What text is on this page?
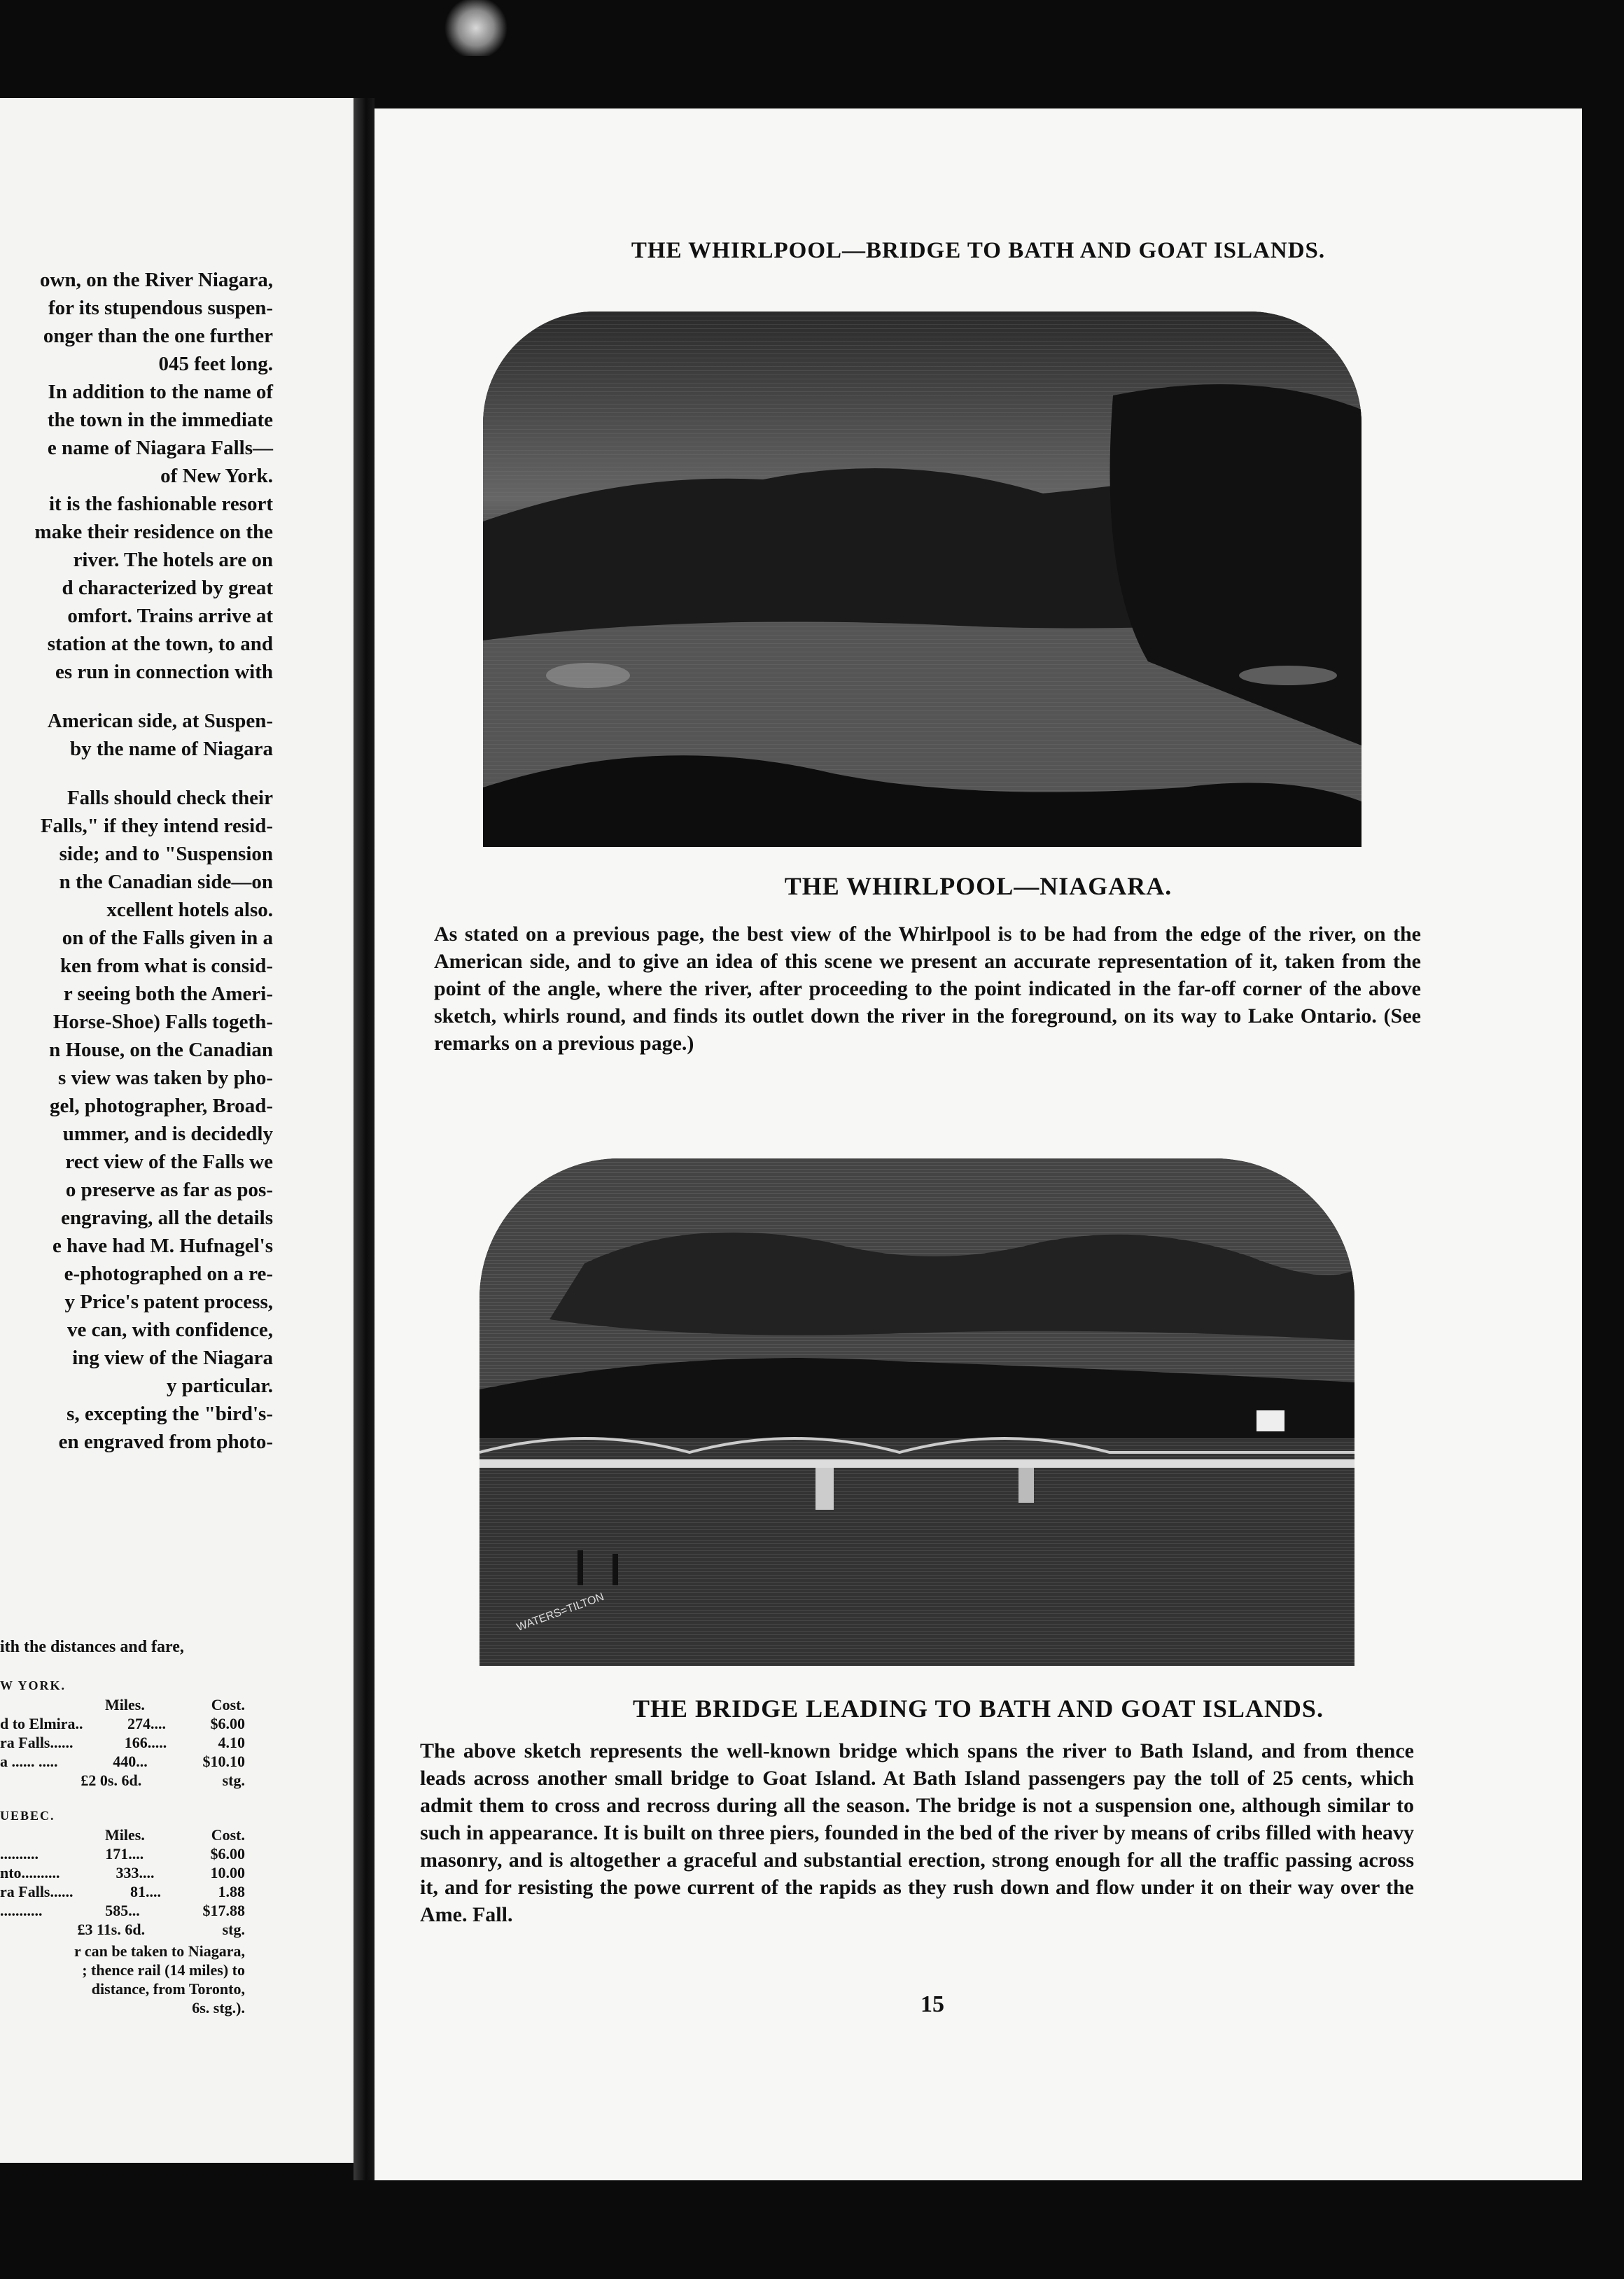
own, on the River Niagara,

for its stupendous suspen-

onger than the one further

045 feet long.

In addition to the name of

the town in the immediate

e name of Niagara Falls—

of New York.

it is the fashionable resort

make their residence on the

river. The hotels are on

d characterized by great

omfort. Trains arrive at

station at the town, to and

es run in connection with

American side, at Suspen-

by the name of Niagara

Falls should check their

Falls," if they intend resid-

side; and to "Suspension

n the Canadian side—on

xcellent hotels also.

on of the Falls given in a

ken from what is consid-

r seeing both the Ameri-

Horse-Shoe) Falls togeth-

n House, on the Canadian

s view was taken by pho-

gel, photographer, Broad-

ummer, and is decidedly

rect view of the Falls we

o preserve as far as pos-

engraving, all the details

e have had M. Hufnagel's

e-photographed on a re-

y Price's patent process,

ve can, with confidence,

ing view of the Niagara

y particular.

s, excepting the "bird's-

en engraved from photo-

ith the distances and fare,

W YORK.

Miles.	Cost.
d to Elmira..	274....	$6.00
ra Falls......	166.....	4.10
a ...... .....	440...	$10.10
£2 0s. 6d.	stg.

UEBEC.

Miles.	Cost.
..........	171....	$6.00
nto..........	333....	10.00
ra Falls......	81....	1.88
...........	585...	$17.88
£3 11s. 6d.	stg.

r can be taken to Niagara,

; thence rail (14 miles) to

distance, from Toronto,

6s. stg.).

THE WHIRLPOOL—BRIDGE TO BATH AND GOAT ISLANDS.
THE WHIRLPOOL—NIAGARA.

As stated on a previous page, the best view of the Whirlpool is to be had from the edge of the river, on the American side, and to give an idea of this scene we present an accurate representation of it, taken from the point of the angle, where the river, after proceeding to the point indicated in the far-off corner of the above sketch, whirls round, and finds its outlet down the river in the foreground, on its way to Lake Ontario. (See remarks on a previous page.)

WATERS=TILTON
THE BRIDGE LEADING TO BATH AND GOAT ISLANDS.

The above sketch represents the well-known bridge which spans the river to Bath Island, and from thence leads across another small bridge to Goat Island. At Bath Island passengers pay the toll of 25 cents, which admit them to cross and recross during all the season. The bridge is not a suspension one, although similar to such in appearance. It is built on three piers, founded in the bed of the river by means of cribs filled with heavy masonry, and is altogether a graceful and substantial erection, strong enough for all the traffic passing across it, and for resisting the powe current of the rapids as they rush down and flow under it on their way over the Ame. Fall.

15
